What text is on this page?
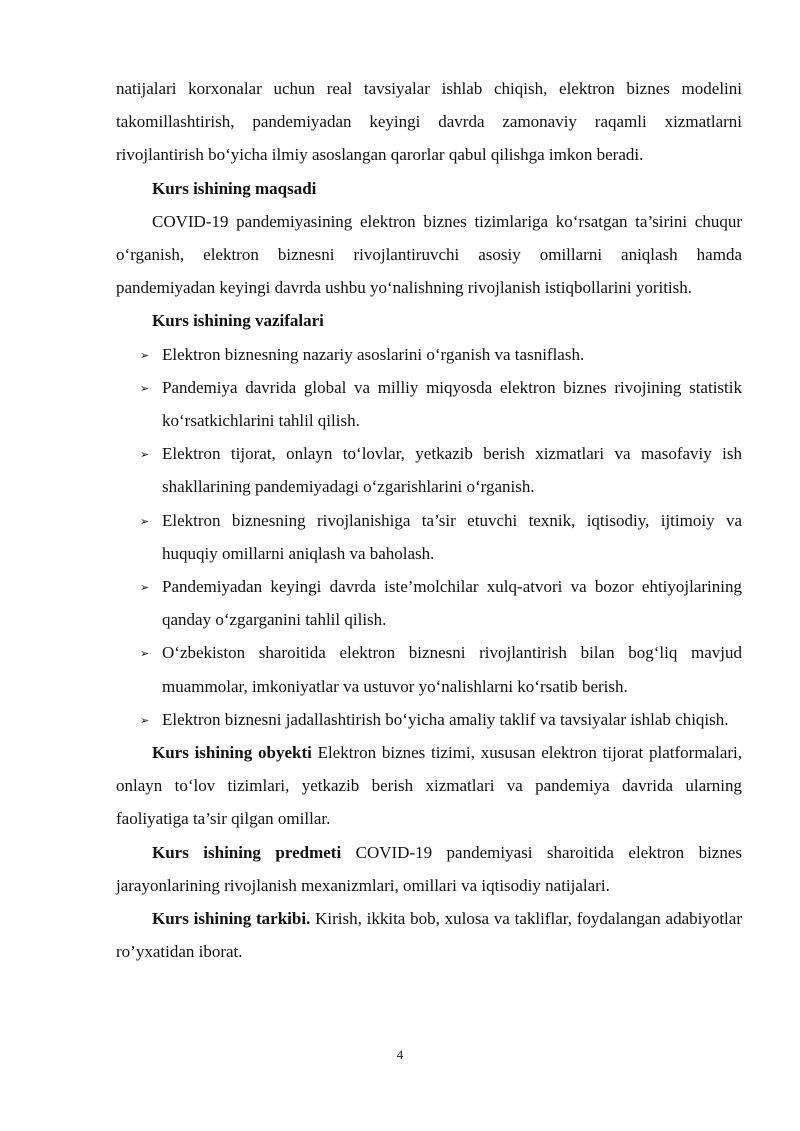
natijalari korxonalar uchun real tavsiyalar ishlab chiqish, elektron biznes modelini takomillashtirish, pandemiyadan keyingi davrda zamonaviy raqamli xizmatlarni rivojlantirish bo‘yicha ilmiy asoslangan qarorlar qabul qilishga imkon beradi.

Kurs ishining maqsadi

COVID-19 pandemiyasining elektron biznes tizimlariga ko‘rsatgan ta’sirini chuqur o‘rganish, elektron biznesni rivojlantiruvchi asosiy omillarni aniqlash hamda pandemiyadan keyingi davrda ushbu yo‘nalishning rivojlanish istiqbollarini yoritish.

Kurs ishining vazifalari

➢ Elektron biznesning nazariy asoslarini o‘rganish va tasniflash.
➢ Pandemiya davrida global va milliy miqyosda elektron biznes rivojining statistik ko‘rsatkichlarini tahlil qilish.
➢ Elektron tijorat, onlayn to‘lovlar, yetkazib berish xizmatlari va masofaviy ish shakllarining pandemiyadagi o‘zgarishlarini o‘rganish.
➢ Elektron biznesning rivojlanishiga ta’sir etuvchi texnik, iqtisodiy, ijtimoiy va huquqiy omillarni aniqlash va baholash.
➢ Pandemiyadan keyingi davrda iste’molchilar xulq-atvori va bozor ehtiyojlarining qanday o‘zgarganini tahlil qilish.
➢ O‘zbekiston sharoitida elektron biznesni rivojlantirish bilan bog‘liq mavjud muammolar, imkoniyatlar va ustuvor yo‘nalishlarni ko‘rsatib berish.
➢ Elektron biznesni jadallashtirish bo‘yicha amaliy taklif va tavsiyalar ishlab chiqish.

Kurs ishining obyekti Elektron biznes tizimi, xususan elektron tijorat platformalari, onlayn to‘lov tizimlari, yetkazib berish xizmatlari va pandemiya davrida ularning faoliyatiga ta’sir qilgan omillar.

Kurs ishining predmeti COVID-19 pandemiyasi sharoitida elektron biznes jarayonlarining rivojlanish mexanizmlari, omillari va iqtisodiy natijalari.

Kurs ishining tarkibi. Kirish, ikkita bob, xulosa va takliflar, foydalangan adabiyotlar ro’yxatidan iborat.

4
